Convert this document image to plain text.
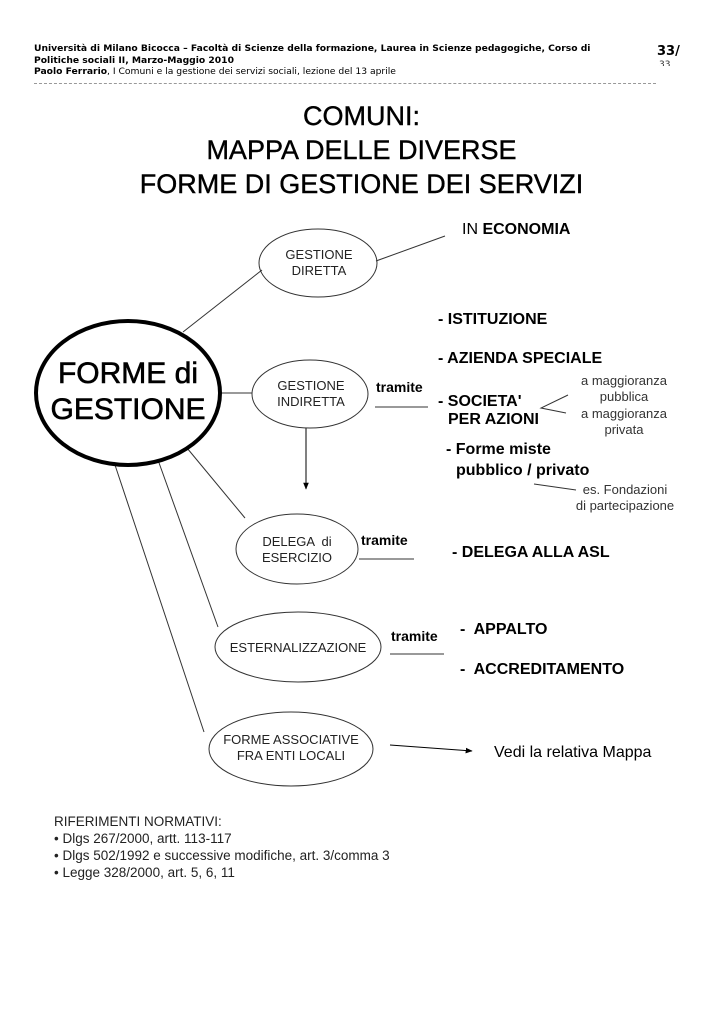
Università di Milano Bicocca – Facoltà di Scienze della formazione, Laurea in Scienze pedagogiche, Corso di Politiche sociali II, Marzo-Maggio 2010
Paolo Ferrario, I Comuni e la gestione dei servizi sociali, lezione del 13 aprile
33/
33
COMUNI:
MAPPA DELLE DIVERSE
FORME DI GESTIONE DEI SERVIZI
FORME di
GESTIONE
GESTIONE
DIRETTA
IN ECONOMIA
GESTIONE
INDIRETTA
tramite
- ISTITUZIONE
- AZIENDA SPECIALE
- SOCIETA'
PER AZIONI
a maggioranza
pubblica
a maggioranza
privata
- Forme miste
pubblico / privato
es. Fondazioni
di partecipazione
DELEGA  di
ESERCIZIO
tramite
- DELEGA ALLA ASL
ESTERNALIZZAZIONE
tramite -  APPALTO
-  ACCREDITAMENTO
FORME ASSOCIATIVE
FRA ENTI LOCALI	Vedi la relativa Mappa
RIFERIMENTI NORMATIVI:
• Dlgs 267/2000, artt. 113-117
• Dlgs 502/1992 e successive modifiche, art. 3/comma 3
• Legge 328/2000, art. 5, 6, 11
